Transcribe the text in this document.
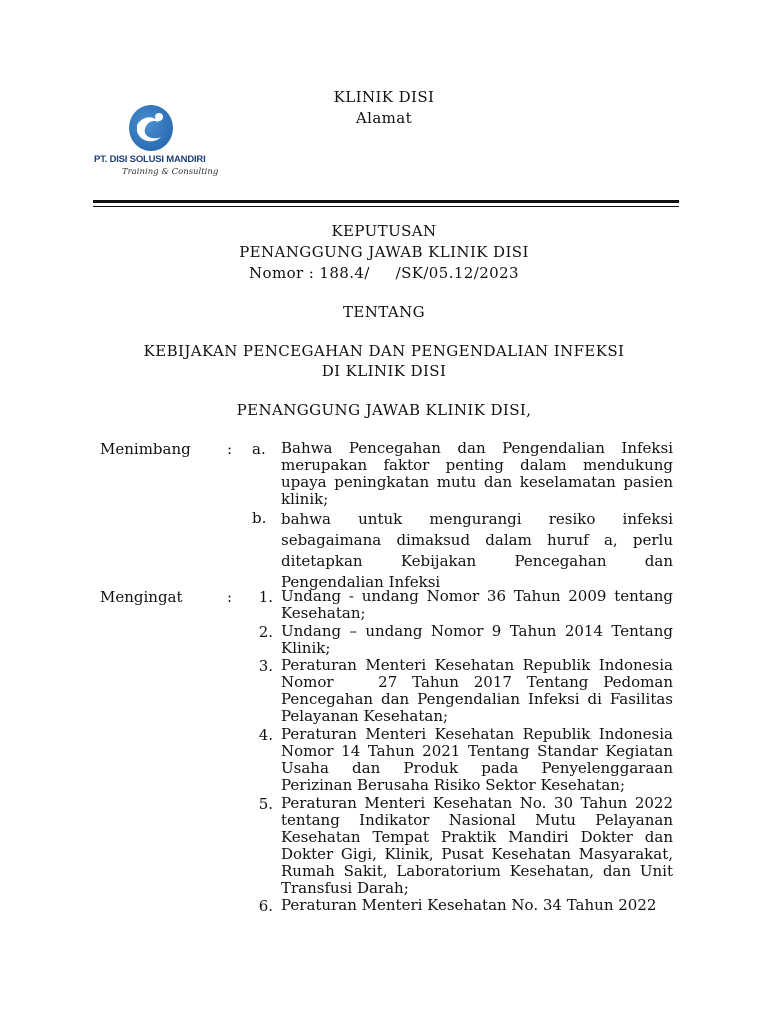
PT. DISI SOLUSI MANDIRI
Training & Consulting
KLINIK DISI
Alamat
KEPUTUSAN
PENANGGUNG JAWAB KLINIK DISI
Nomor : 188.4/     /SK/05.12/2023
TENTANG
KEBIJAKAN PENCEGAHAN DAN PENGENDALIAN INFEKSI
DI KLINIK DISI
PENANGGUNG JAWAB KLINIK DISI,
Menimbang : a. Bahwa Pencegahan dan Pengendalian Infeksi merupakan faktor penting dalam mendukung upaya peningkatan mutu dan keselamatan pasien klinik;
b. bahwa untuk mengurangi resiko infeksi sebagaimana dimaksud dalam huruf a, perlu ditetapkan Kebijakan Pencegahan dan Pengendalian Infeksi
Mengingat	:	1. Undang - undang Nomor 36 Tahun 2009 tentang Kesehatan;
2. Undang – undang Nomor 9 Tahun 2014 Tentang Klinik;
3. Peraturan Menteri Kesehatan Republik Indonesia Nomor   27 Tahun 2017 Tentang Pedoman Pencegahan dan Pengendalian Infeksi di Fasilitas Pelayanan Kesehatan;
4. Peraturan Menteri Kesehatan Republik Indonesia Nomor 14 Tahun 2021 Tentang Standar Kegiatan Usaha dan Produk pada Penyelenggaraan Perizinan Berusaha Risiko Sektor Kesehatan;
5. Peraturan Menteri Kesehatan No. 30 Tahun 2022 tentang Indikator Nasional Mutu Pelayanan Kesehatan Tempat Praktik Mandiri Dokter dan Dokter Gigi, Klinik, Pusat Kesehatan Masyarakat, Rumah Sakit, Laboratorium Kesehatan, dan Unit Transfusi Darah;
6. Peraturan Menteri Kesehatan No. 34 Tahun 2022
